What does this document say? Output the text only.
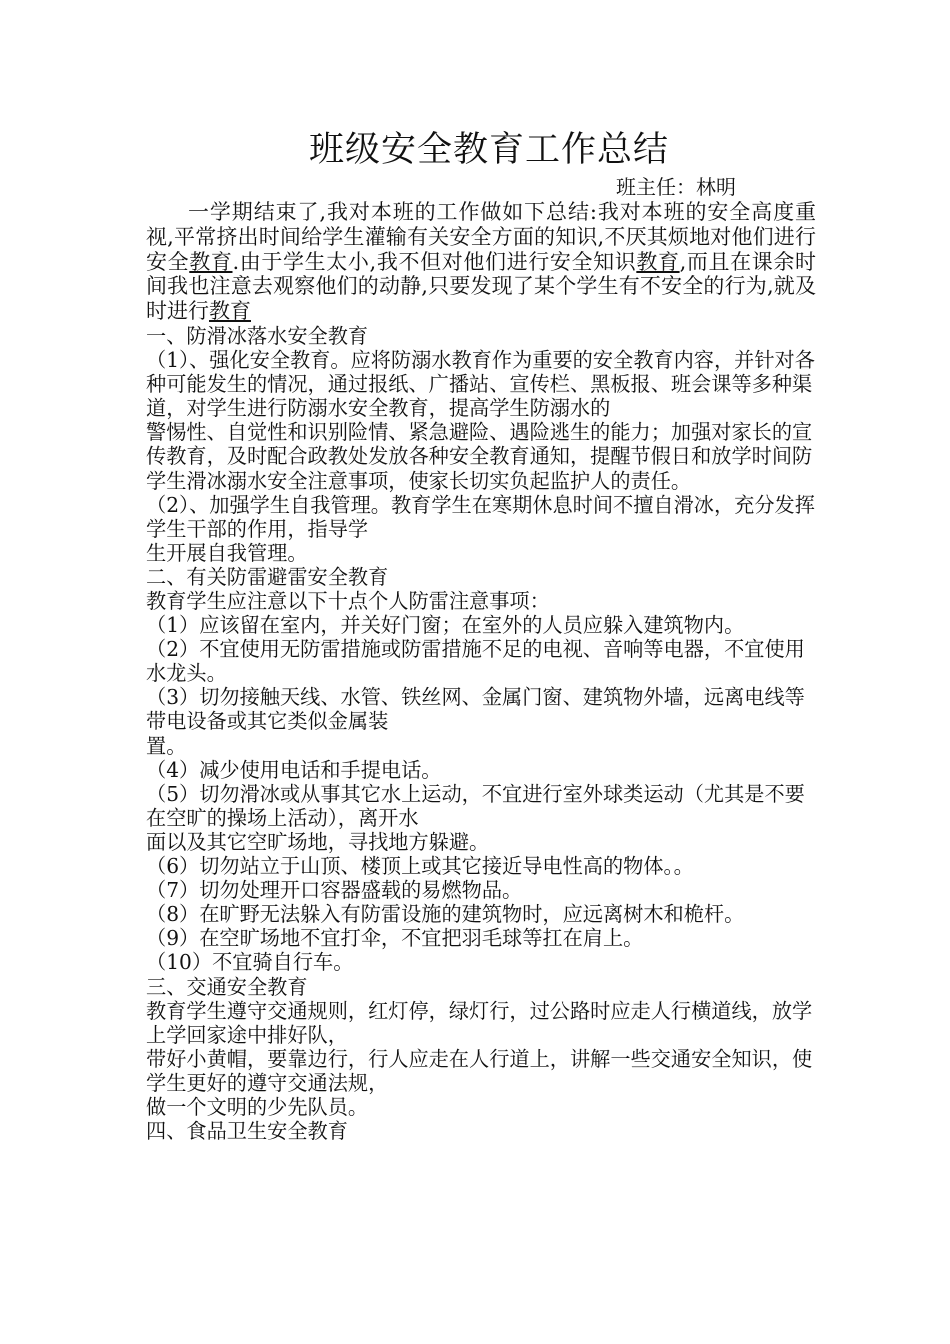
班级安全教育工作总结

班主任：林明

一学期结束了,我对本班的工作做如下总结:我对本班的安全高度重视,平常挤出时间给学生灌输有关安全方面的知识,不厌其烦地对他们进行安全教育.由于学生太小,我不但对他们进行安全知识教育,而且在课余时间我也注意去观察他们的动静,只要发现了某个学生有不安全的行为,就及时进行教育

一、防滑冰落水安全教育

（1）、强化安全教育。应将防溺水教育作为重要的安全教育内容，并针对各种可能发生的情况，通过报纸、广播站、宣传栏、黑板报、班会课等多种渠道，对学生进行防溺水安全教育，提高学生防溺水的

警惕性、自觉性和识别险情、紧急避险、遇险逃生的能力；加强对家长的宣传教育，及时配合政教处发放各种安全教育通知，提醒节假日和放学时间防学生滑冰溺水安全注意事项，使家长切实负起监护人的责任。

（2）、加强学生自我管理。教育学生在寒期休息时间不擅自滑冰，充分发挥学生干部的作用，指导学

生开展自我管理。

二、有关防雷避雷安全教育

教育学生应注意以下十点个人防雷注意事项：

（1）应该留在室内，并关好门窗；在室外的人员应躲入建筑物内。

（2）不宜使用无防雷措施或防雷措施不足的电视、音响等电器，不宜使用水龙头。

（3）切勿接触天线、水管、铁丝网、金属门窗、建筑物外墙，远离电线等带电设备或其它类似金属装

置。

（4）减少使用电话和手提电话。

（5）切勿滑冰或从事其它水上运动，不宜进行室外球类运动（尤其是不要在空旷的操场上活动），离开水

面以及其它空旷场地，寻找地方躲避。

（6）切勿站立于山顶、楼顶上或其它接近导电性高的物体。。

（7）切勿处理开口容器盛载的易燃物品。

（8）在旷野无法躲入有防雷设施的建筑物时，应远离树木和桅杆。

（9）在空旷场地不宜打伞，不宜把羽毛球等扛在肩上。

（10）不宜骑自行车。

三、交通安全教育

教育学生遵守交通规则，红灯停，绿灯行，过公路时应走人行横道线，放学上学回家途中排好队，

带好小黄帽，要靠边行，行人应走在人行道上，讲解一些交通安全知识，使学生更好的遵守交通法规，

做一个文明的少先队员。

四、食品卫生安全教育
